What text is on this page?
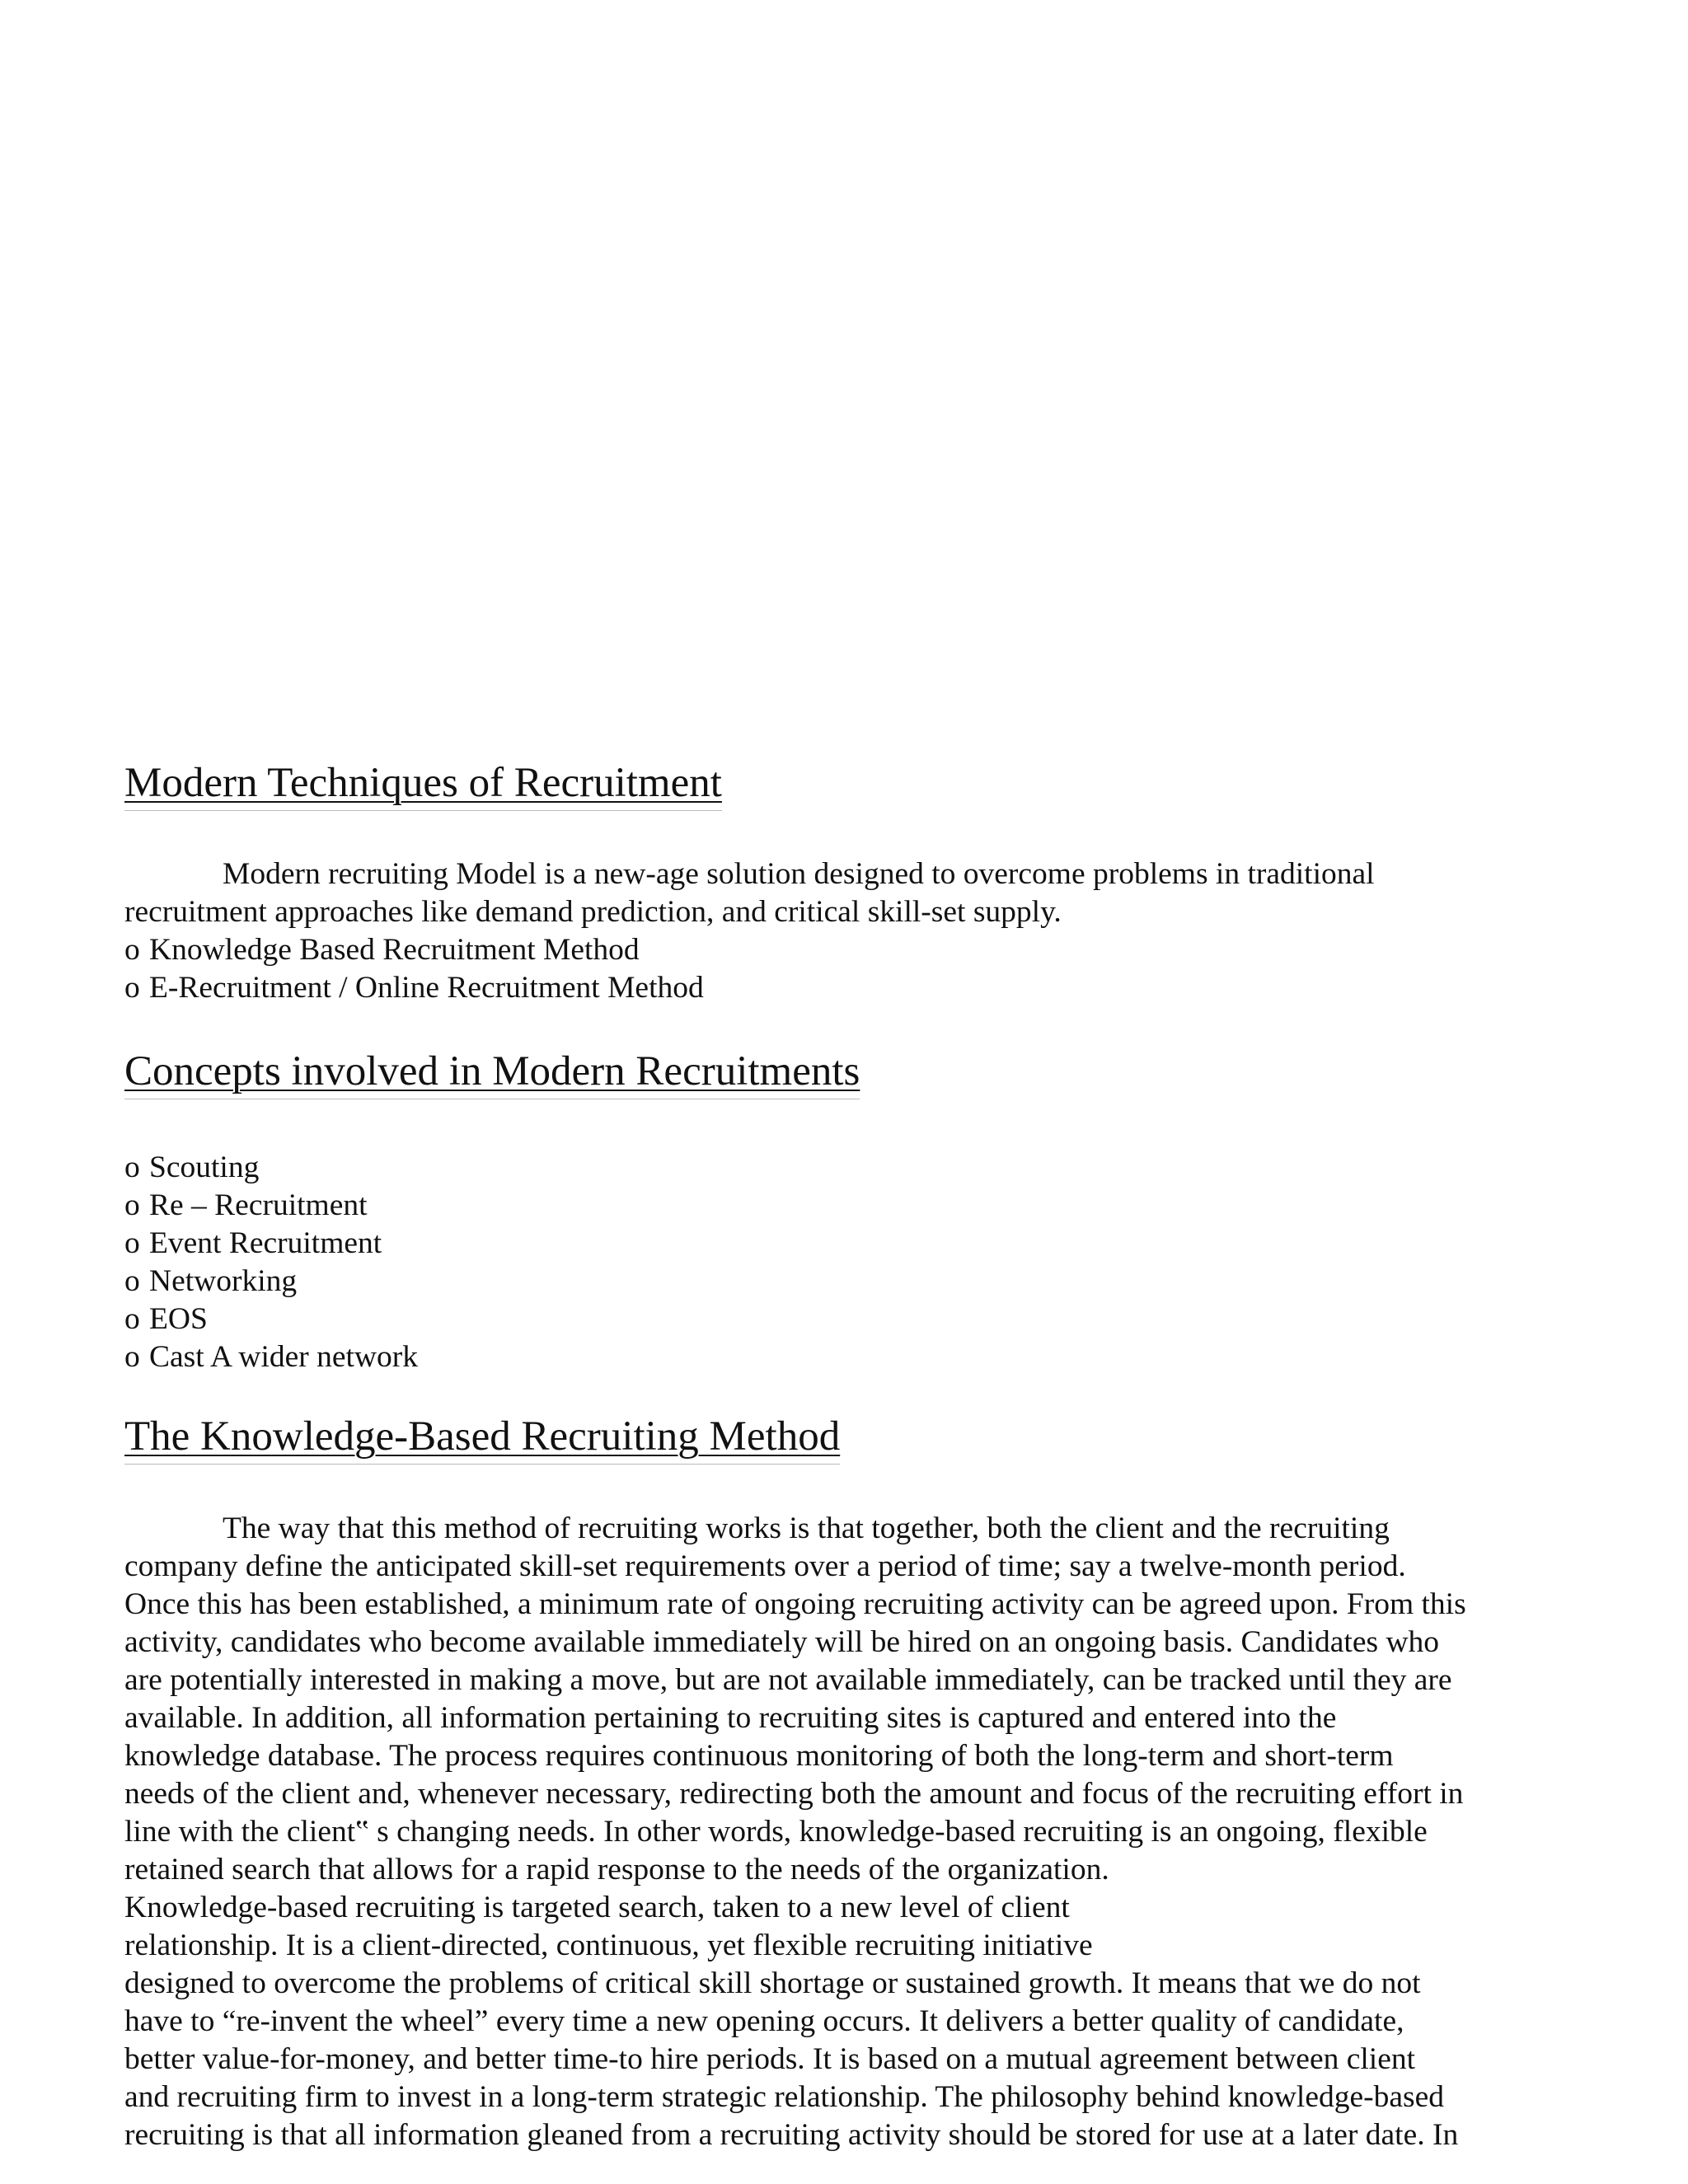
Modern Techniques of Recruitment

Modern recruiting Model is a new-age solution designed to overcome problems in traditional
recruitment approaches like demand prediction, and critical skill-set supply.

o Knowledge Based Recruitment Method
o E-Recruitment / Online Recruitment Method
Concepts involved in Modern Recruitments
o Scouting
o Re – Recruitment
o Event Recruitment
o Networking
o EOS
o Cast A wider network
The Knowledge-Based Recruiting Method

The way that this method of recruiting works is that together, both the client and the recruiting
company define the anticipated skill-set requirements over a period of time; say a twelve-month period.
Once this has been established, a minimum rate of ongoing recruiting activity can be agreed upon. From this
activity, candidates who become available immediately will be hired on an ongoing basis. Candidates who
are potentially interested in making a move, but are not available immediately, can be tracked until they are
available. In addition, all information pertaining to recruiting sites is captured and entered into the
knowledge database. The process requires continuous monitoring of both the long-term and short-term
needs of the client and, whenever necessary, redirecting both the amount and focus of the recruiting effort in
line with the client‟ s changing needs. In other words, knowledge-based recruiting is an ongoing, flexible
retained search that allows for a rapid response to the needs of the organization.
Knowledge-based recruiting is targeted search, taken to a new level of client
relationship. It is a client-directed, continuous, yet flexible recruiting initiative
designed to overcome the problems of critical skill shortage or sustained growth. It means that we do not
have to “re-invent the wheel” every time a new opening occurs. It delivers a better quality of candidate,
better value-for-money, and better time-to hire periods. It is based on a mutual agreement between client
and recruiting firm to invest in a long-term strategic relationship. The philosophy behind knowledge-based
recruiting is that all information gleaned from a recruiting activity should be stored for use at a later date. In
